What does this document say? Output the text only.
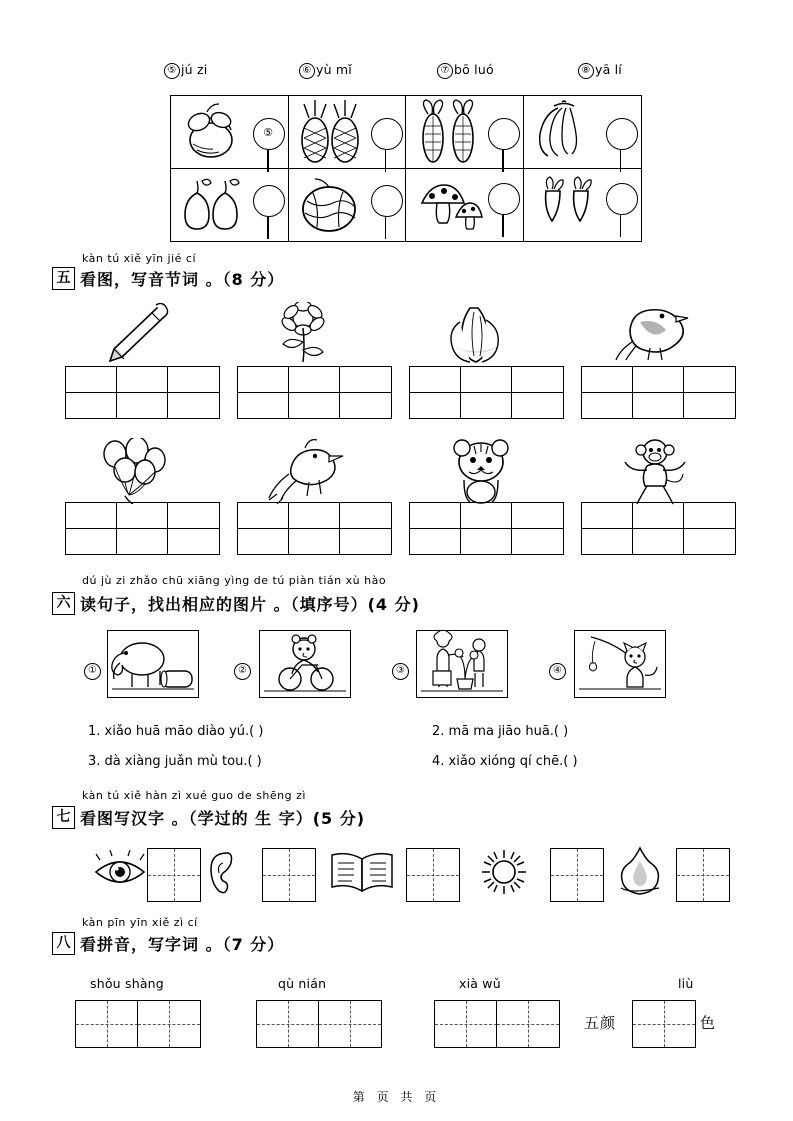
⑤ jú zi	⑥ yù mǐ	⑦ bō luó	⑧ yā lí
⑤
kàn tú xiě yīn jié cí
五 看图，写音节词 。（8 分）
dú jù zi zhǎo chū xiāng yìng de tú piàn tián xù hào
六 读句子，找出相应的图片 。（填序号）(4 分)
①	②	③	④
1. xiǎo huā māo diào yú.( )	2. mā ma jiāo huā.( )
3. dà xiàng juǎn mù tou.( )	4. xiǎo xióng qí chē.( )
kàn tú xiě hàn zì xué guo de shēng zì
七 看图写汉字 。（学过的 生 字）(5 分)
kàn pīn yīn xiě zì cí
八 看拼音，写字词 。（7 分）
shǒu shàng	qù nián	xià wǔ	liù
五颜	色
第 页 共 页
